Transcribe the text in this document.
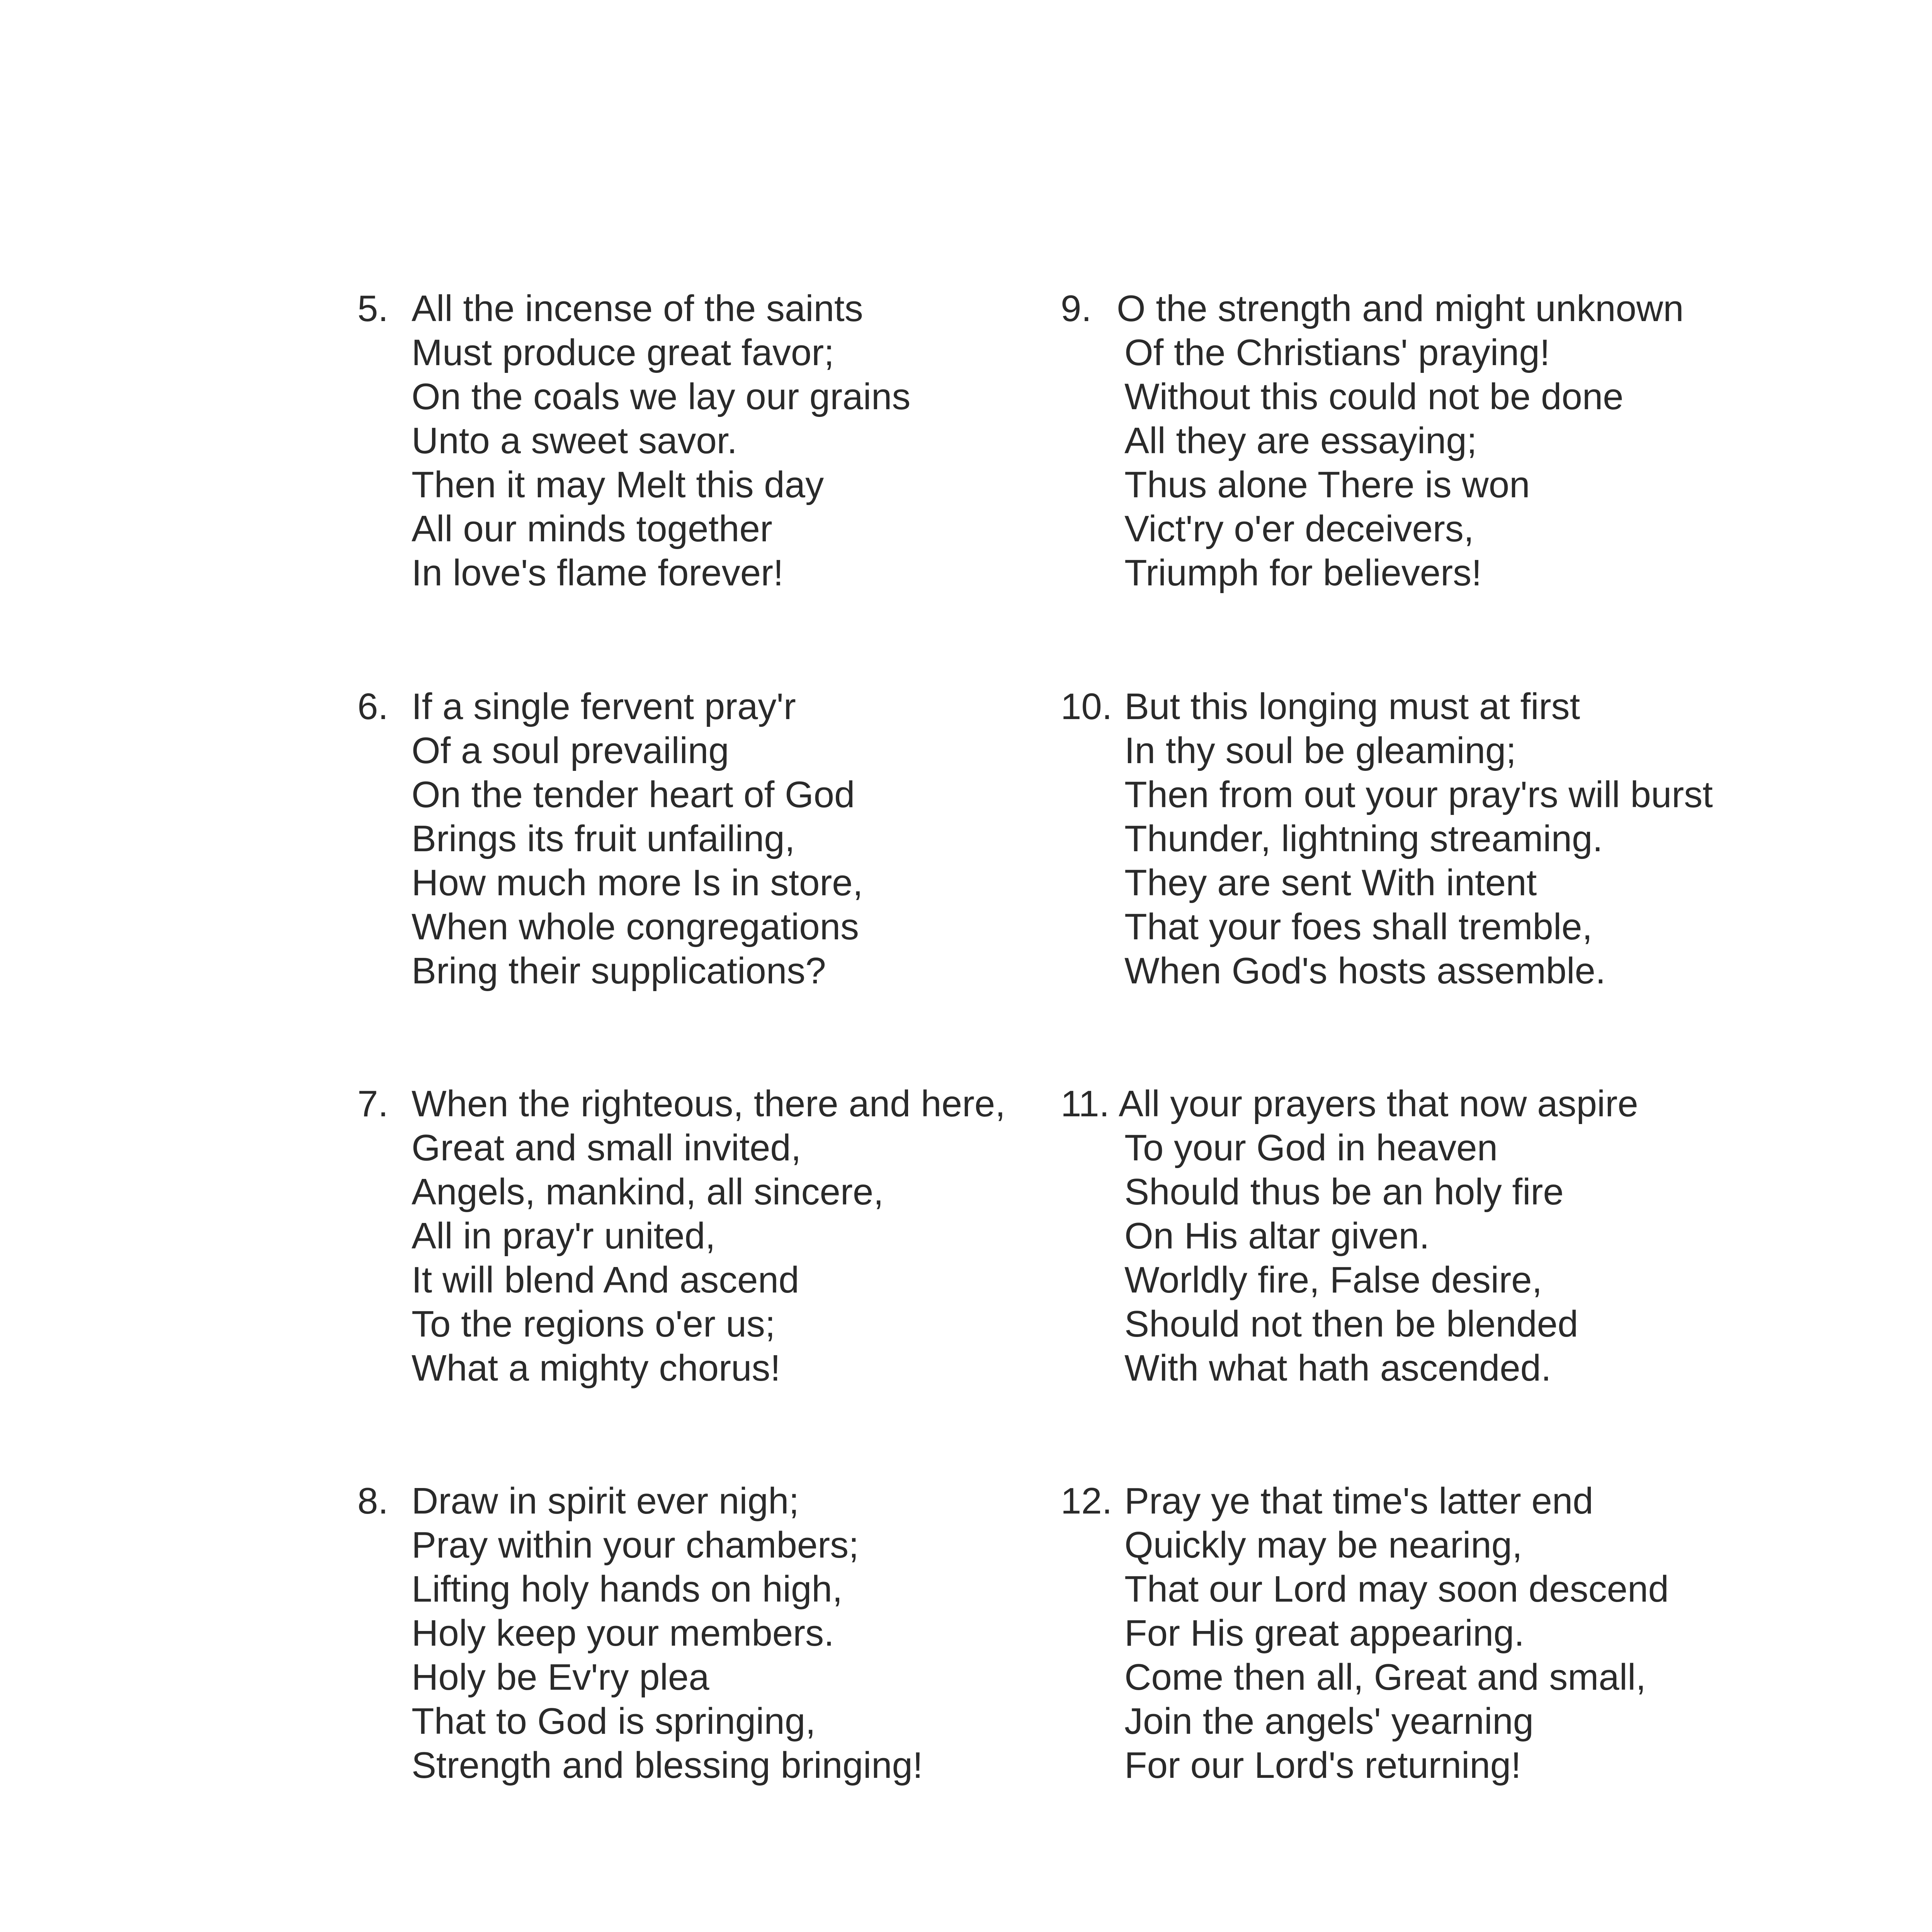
5. All the incense of the saints
Must produce great favor;
On the coals we lay our grains
Unto a sweet savor.
Then it may Melt this day
All our minds together
In love's flame forever!
6. If a single fervent pray'r
Of a soul prevailing
On the tender heart of God
Brings its fruit unfailing,
How much more Is in store,
When whole congregations
Bring their supplications?
7. When the righteous, there and here,
Great and small invited,
Angels, mankind, all sincere,
All in pray'r united,
It will blend And ascend
To the regions o'er us;
What a mighty chorus!
8. Draw in spirit ever nigh;
Pray within your chambers;
Lifting holy hands on high,
Holy keep your members.
Holy be Ev'ry plea
That to God is springing,
Strength and blessing bringing!
9. O the strength and might unknown
Of the Christians' praying!
Without this could not be done
All they are essaying;
Thus alone There is won
Vict'ry o'er deceivers,
Triumph for believers!
10. But this longing must at first
In thy soul be gleaming;
Then from out your pray'rs will burst
Thunder, lightning streaming.
They are sent With intent
That your foes shall tremble,
When God's hosts assemble.
11. All your prayers that now aspire
To your God in heaven
Should thus be an holy fire
On His altar given.
Worldly fire, False desire,
Should not then be blended
With what hath ascended.
12. Pray ye that time's latter end
Quickly may be nearing,
That our Lord may soon descend
For His great appearing.
Come then all, Great and small,
Join the angels' yearning
For our Lord's returning!
